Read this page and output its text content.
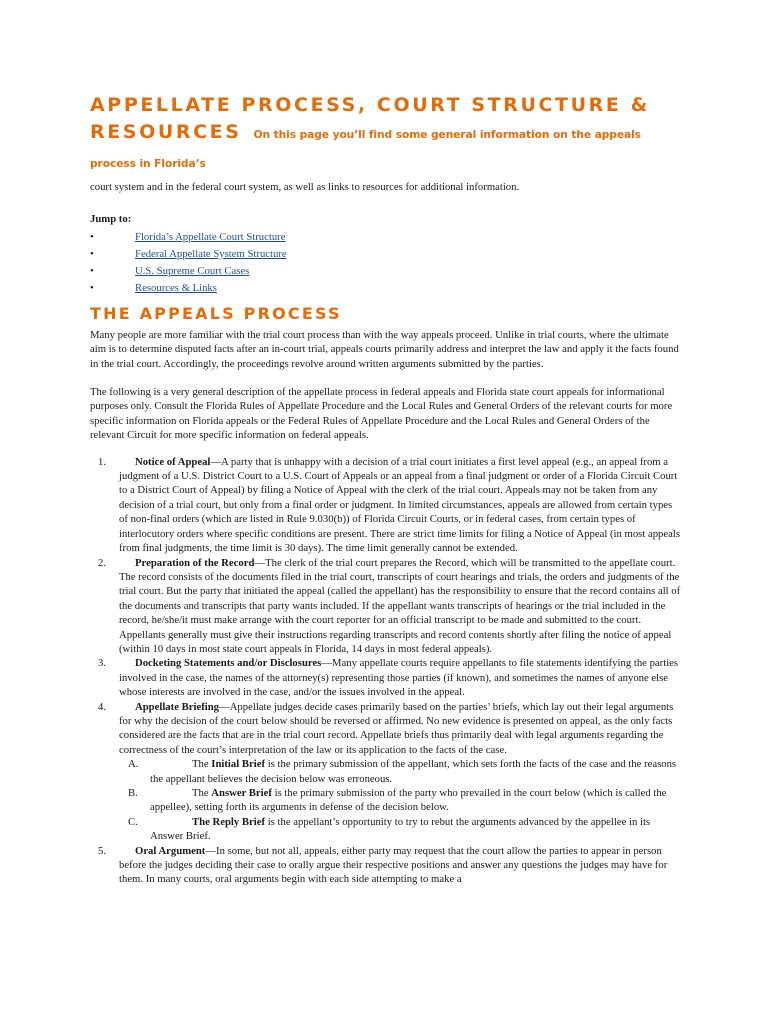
APPELLATE PROCESS, COURT STRUCTURE &
RESOURCES On this page you’ll find some general information on the appeals process in Florida’s

court system and in the federal court system, as well as links to resources for additional information.

Jump to:
•	Florida’s Appellate Court Structure
•	Federal Appellate System Structure
•	U.S. Supreme Court Cases
•	Resources & Links
THE APPEALS PROCESS

Many people are more familiar with the trial court process than with the way appeals proceed. Unlike in trial courts, where the ultimate aim is to determine disputed facts after an in-court trial, appeals courts primarily address and interpret the law and apply it the facts found in the trial court. Accordingly, the proceedings revolve around written arguments submitted by the parties.

The following is a very general description of the appellate process in federal appeals and Florida state court appeals for informational purposes only. Consult the Florida Rules of Appellate Procedure and the Local Rules and General Orders of the relevant courts for more specific information on Florida appeals or the Federal Rules of Appellate Procedure and the Local Rules and General Orders of the relevant Circuit for more specific information on federal appeals.

1.	Notice of Appeal—A party that is unhappy with a decision of a trial court initiates a first level appeal (e.g., an appeal from a judgment of a U.S. District Court to a U.S. Court of Appeals or an appeal from a final judgment or order of a Florida Circuit Court to a District Court of Appeal) by filing a Notice of Appeal with the clerk of the trial court. Appeals may not be taken from any decision of a trial court, but only from a final order or judgment. In limited circumstances, appeals are allowed from certain types of non-final orders (which are listed in Rule 9.030(b)) of Florida Circuit Courts, or in federal cases, from certain types of interlocutory orders where specific conditions are present. There are strict time limits for filing a Notice of Appeal (in most appeals from final judgments, the time limit is 30 days). The time limit generally cannot be extended.
2.	Preparation of the Record—The clerk of the trial court prepares the Record, which will be transmitted to the appellate court. The record consists of the documents filed in the trial court, transcripts of court hearings and trials, the orders and judgments of the trial court. But the party that initiated the appeal (called the appellant) has the responsibility to ensure that the record contains all of the documents and transcripts that party wants included. If the appellant wants transcripts of hearings or the trial included in the record, he/she/it must make arrange with the court reporter for an official transcript to be made and submitted to the court. Appellants generally must give their instructions regarding transcripts and record contents shortly after filing the notice of appeal (within 10 days in most state court appeals in Florida, 14 days in most federal appeals).
3.	Docketing Statements and/or Disclosures—Many appellate courts require appellants to file statements identifying the parties involved in the case, the names of the attorney(s) representing those parties (if known), and sometimes the names of anyone else whose interests are involved in the case, and/or the issues involved in the appeal.
4.	Appellate Briefing—Appellate judges decide cases primarily based on the parties’ briefs, which lay out their legal arguments for why the decision of the court below should be reversed or affirmed. No new evidence is presented on appeal, as the only facts considered are the facts that are in the trial court record. Appellate briefs thus primarily deal with legal arguments regarding the correctness of the court’s interpretation of the law or its application to the facts of the case.
A.	The Initial Brief is the primary submission of the appellant, which sets forth the facts of the case and the reasons the appellant believes the decision below was erroneous.
B.	The Answer Brief is the primary submission of the party who prevailed in the court below (which is called the appellee), setting forth its arguments in defense of the decision below.
C.	The Reply Brief is the appellant’s opportunity to try to rebut the arguments advanced by the appellee in its Answer Brief.
5.	Oral Argument—In some, but not all, appeals, either party may request that the court allow the parties to appear in person before the judges deciding their case to orally argue their respective positions and answer any questions the judges may have for them. In many courts, oral arguments begin with each side attempting to make a
